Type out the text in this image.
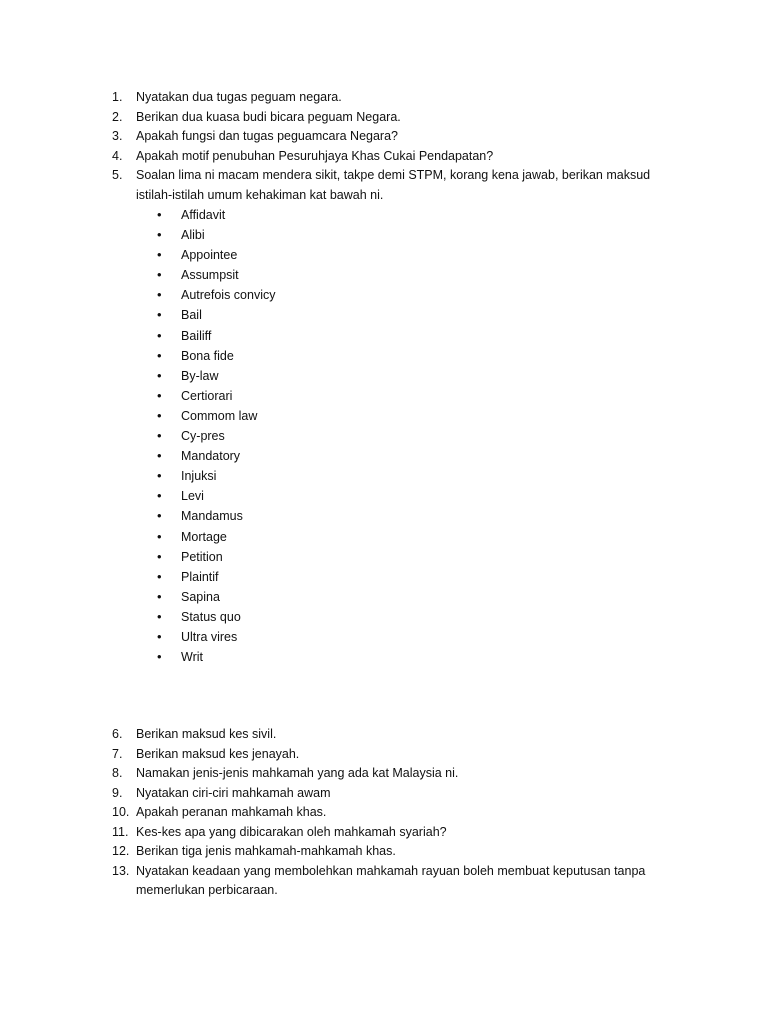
1.	Nyatakan dua tugas peguam negara.
2.	Berikan dua kuasa budi bicara peguam Negara.
3.	Apakah fungsi dan tugas peguamcara Negara?
4.	Apakah motif penubuhan Pesuruhjaya Khas Cukai Pendapatan?
5.	Soalan lima ni macam mendera sikit, takpe demi STPM, korang kena jawab, berikan maksud istilah-istilah umum kehakiman kat bawah ni.
• Affidavit
• Alibi
• Appointee
• Assumpsit
• Autrefois convicy
• Bail
• Bailiff
• Bona fide
• By-law
• Certiorari
• Commom law
• Cy-pres
• Mandatory
• Injuksi
• Levi
• Mandamus
• Mortage
• Petition
• Plaintif
• Sapina
• Status quo
• Ultra vires
• Writ
6.	Berikan maksud kes sivil.
7.	Berikan maksud kes jenayah.
8.	Namakan jenis-jenis mahkamah yang ada kat Malaysia ni.
9.	Nyatakan ciri-ciri mahkamah awam
10. Apakah peranan mahkamah khas.
11. Kes-kes apa yang dibicarakan oleh mahkamah syariah?
12. Berikan tiga jenis mahkamah-mahkamah khas.
13. Nyatakan keadaan yang membolehkan mahkamah rayuan boleh membuat keputusan tanpa memerlukan perbicaraan.
